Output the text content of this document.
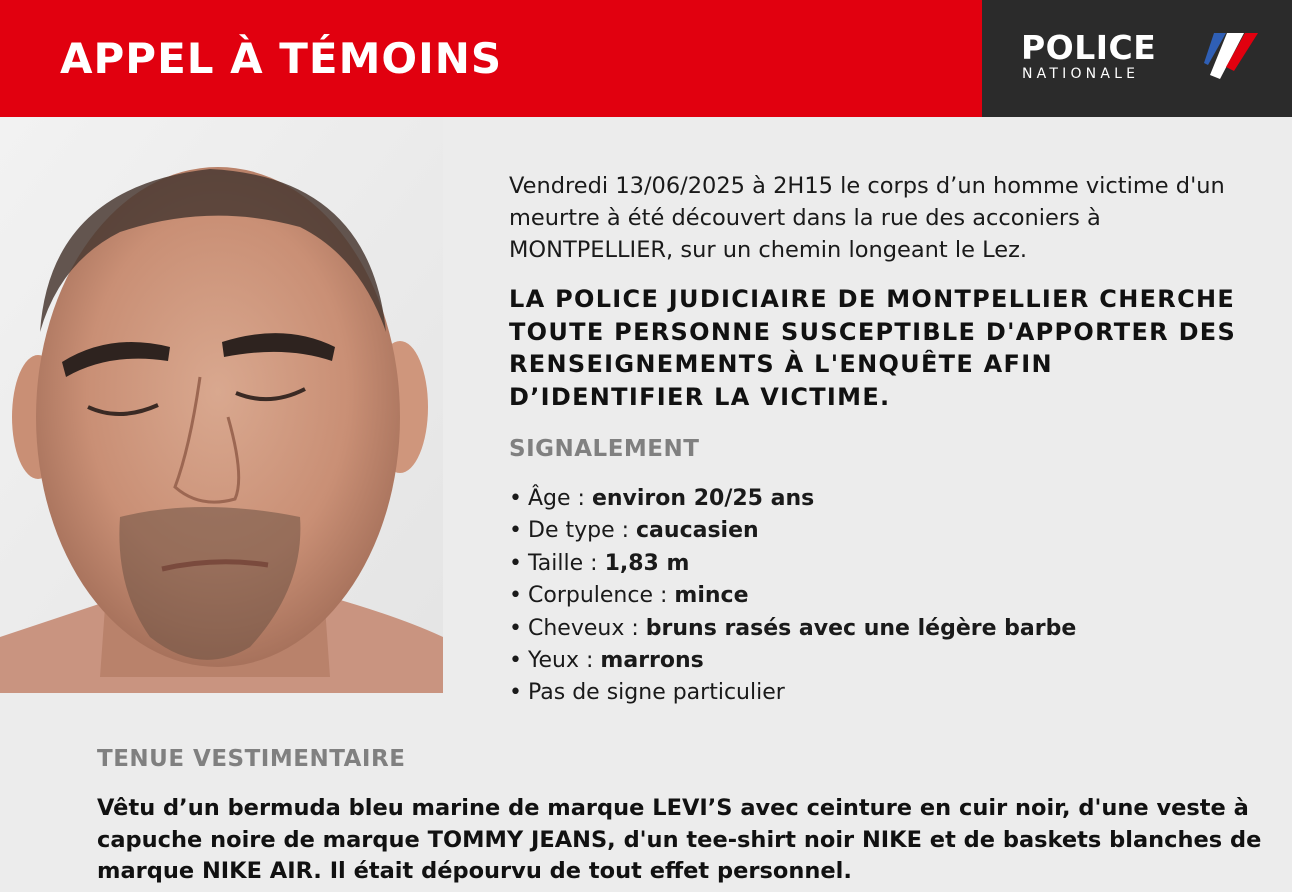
APPEL À TÉMOINS	POLICE
NATIONALE

Vendredi 13/06/2025 à 2H15 le corps d’un homme victime d'un meurtre à été découvert dans la rue des acconiers à MONTPELLIER, sur un chemin longeant le Lez.

LA POLICE JUDICIAIRE DE MONTPELLIER CHERCHE TOUTE PERSONNE SUSCEPTIBLE D'APPORTER DES RENSEIGNEMENTS À L'ENQUÊTE AFIN D’IDENTIFIER LA VICTIME.

SIGNALEMENT
• Âge : environ 20/25 ans
• De type : caucasien
• Taille : 1,83 m
• Corpulence : mince
• Cheveux : bruns rasés avec une légère barbe
• Yeux : marrons
• Pas de signe particulier
TENUE VESTIMENTAIRE

Vêtu d’un bermuda bleu marine de marque LEVI’S avec ceinture en cuir noir, d'une veste à capuche noire de marque TOMMY JEANS, d'un tee-shirt noir NIKE et de baskets blanches de marque NIKE AIR. Il était dépourvu de tout effet personnel.
